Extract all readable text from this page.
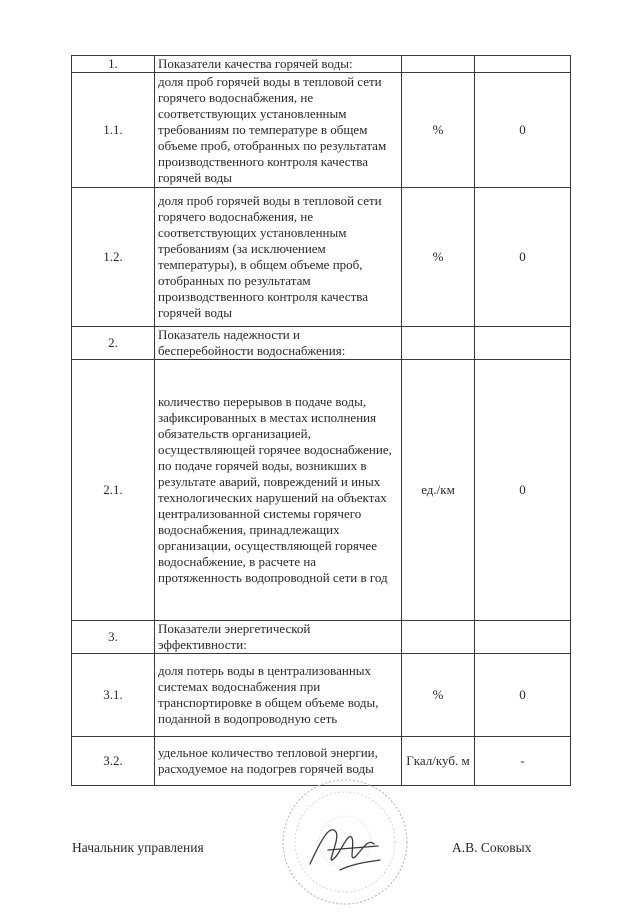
1.	Показатели качества горячей воды:		
1.1.	доля проб горячей воды в тепловой сети горячего водоснабжения, не соответствующих установленным требованиям по температуре в общем объеме проб, отобранных по результатам производственного контроля качества горячей воды	%	0
1.2.	доля проб горячей воды в тепловой сети горячего водоснабжения, не соответствующих установленным требованиям (за исключением температуры), в общем объеме проб, отобранных по результатам производственного контроля качества горячей воды	%	0
2.	Показатель надежности и бесперебойности водоснабжения:		
2.1.	количество перерывов в подаче воды, зафиксированных в местах исполнения обязательств организацией, осуществляющей горячее водоснабжение, по подаче горячей воды, возникших в результате аварий, повреждений и иных технологических нарушений на объектах централизованной системы горячего водоснабжения, принадлежащих организации, осуществляющей горячее водоснабжение, в расчете на протяженность водопроводной сети в год	ед./км	0
3.	Показатели энергетической эффективности:		
3.1.	доля потерь воды в централизованных системах водоснабжения при транспортировке в общем объеме воды, поданной в водопроводную сеть	%	0
3.2.	удельное количество тепловой энергии, расходуемое на подогрев горячей воды	Гкал/куб. м	-
Начальник управления	А.В. Соковых
